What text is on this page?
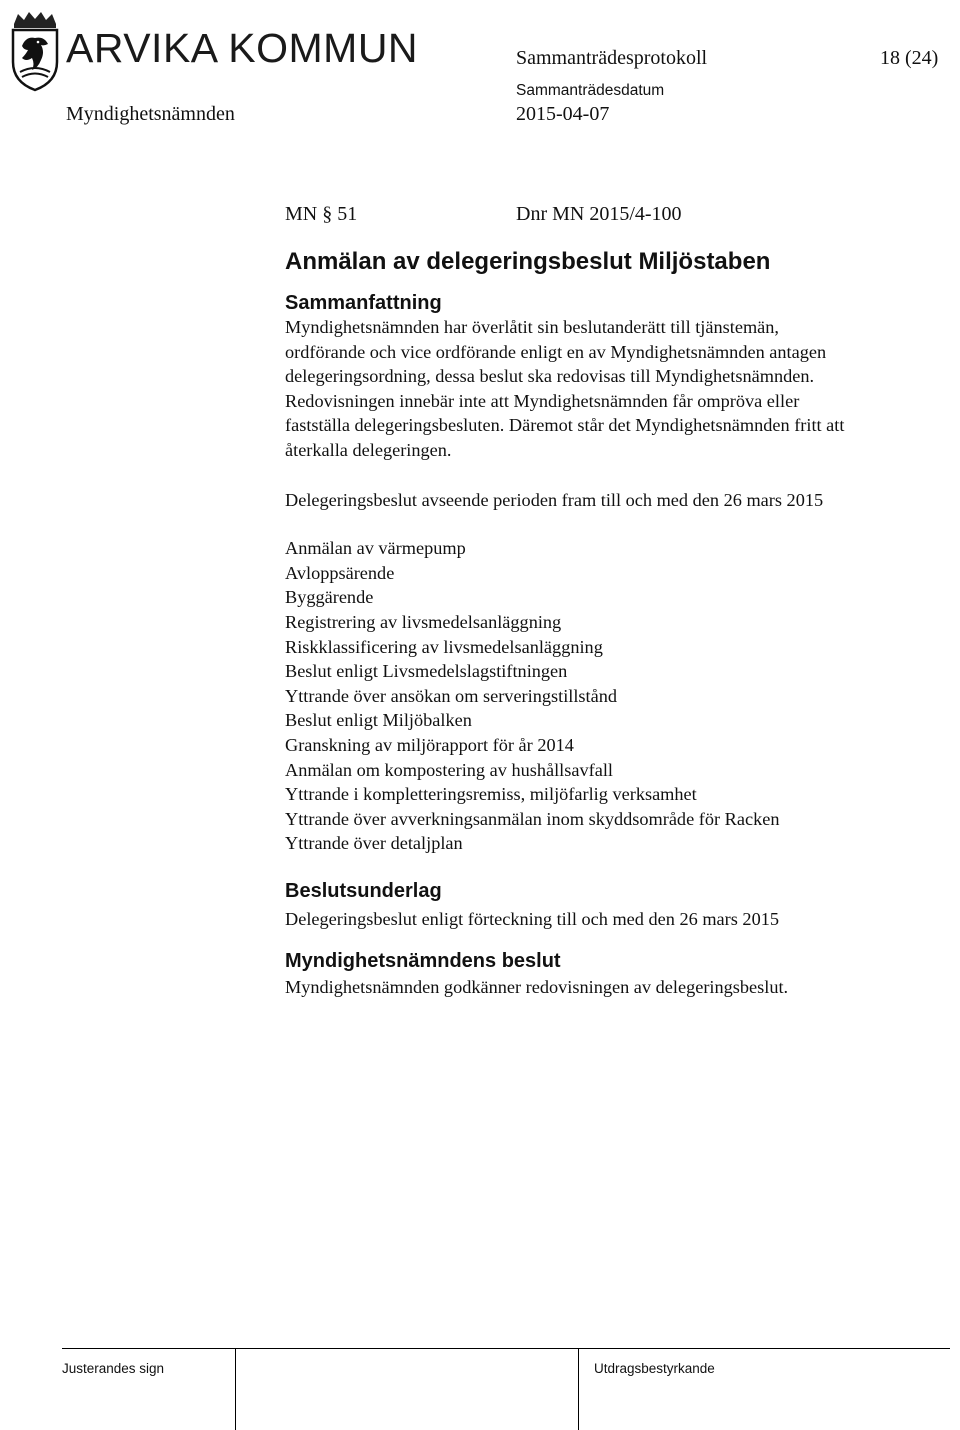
ARVIKA KOMMUN	Sammanträdesprotokoll	18 (24)
Sammanträdesdatum
Myndighetsnämnden	2015-04-07
MN § 51	Dnr MN 2015/4-100
Anmälan av delegeringsbeslut Miljöstaben
Sammanfattning

Myndighetsnämnden har överlåtit sin beslutanderätt till tjänstemän,
ordförande och vice ordförande enligt en av Myndighetsnämnden antagen
delegeringsordning, dessa beslut ska redovisas till Myndighetsnämnden.
Redovisningen innebär inte att Myndighetsnämnden får ompröva eller
fastställa delegeringsbesluten. Däremot står det Myndighetsnämnden fritt att
återkalla delegeringen.

Delegeringsbeslut avseende perioden fram till och med den 26 mars 2015

Anmälan av värmepump
Avloppsärende
Byggärende
Registrering av livsmedelsanläggning
Riskklassificering av livsmedelsanläggning
Beslut enligt Livsmedelslagstiftningen
Yttrande över ansökan om serveringstillstånd
Beslut enligt Miljöbalken
Granskning av miljörapport för år 2014
Anmälan om kompostering av hushållsavfall
Yttrande i kompletteringsremiss, miljöfarlig verksamhet
Yttrande över avverkningsanmälan inom skyddsområde för Racken
Yttrande över detaljplan
Beslutsunderlag

Delegeringsbeslut enligt förteckning till och med den 26 mars 2015

Myndighetsnämndens beslut

Myndighetsnämnden godkänner redovisningen av delegeringsbeslut.

Justerandes sign	Utdragsbestyrkande
